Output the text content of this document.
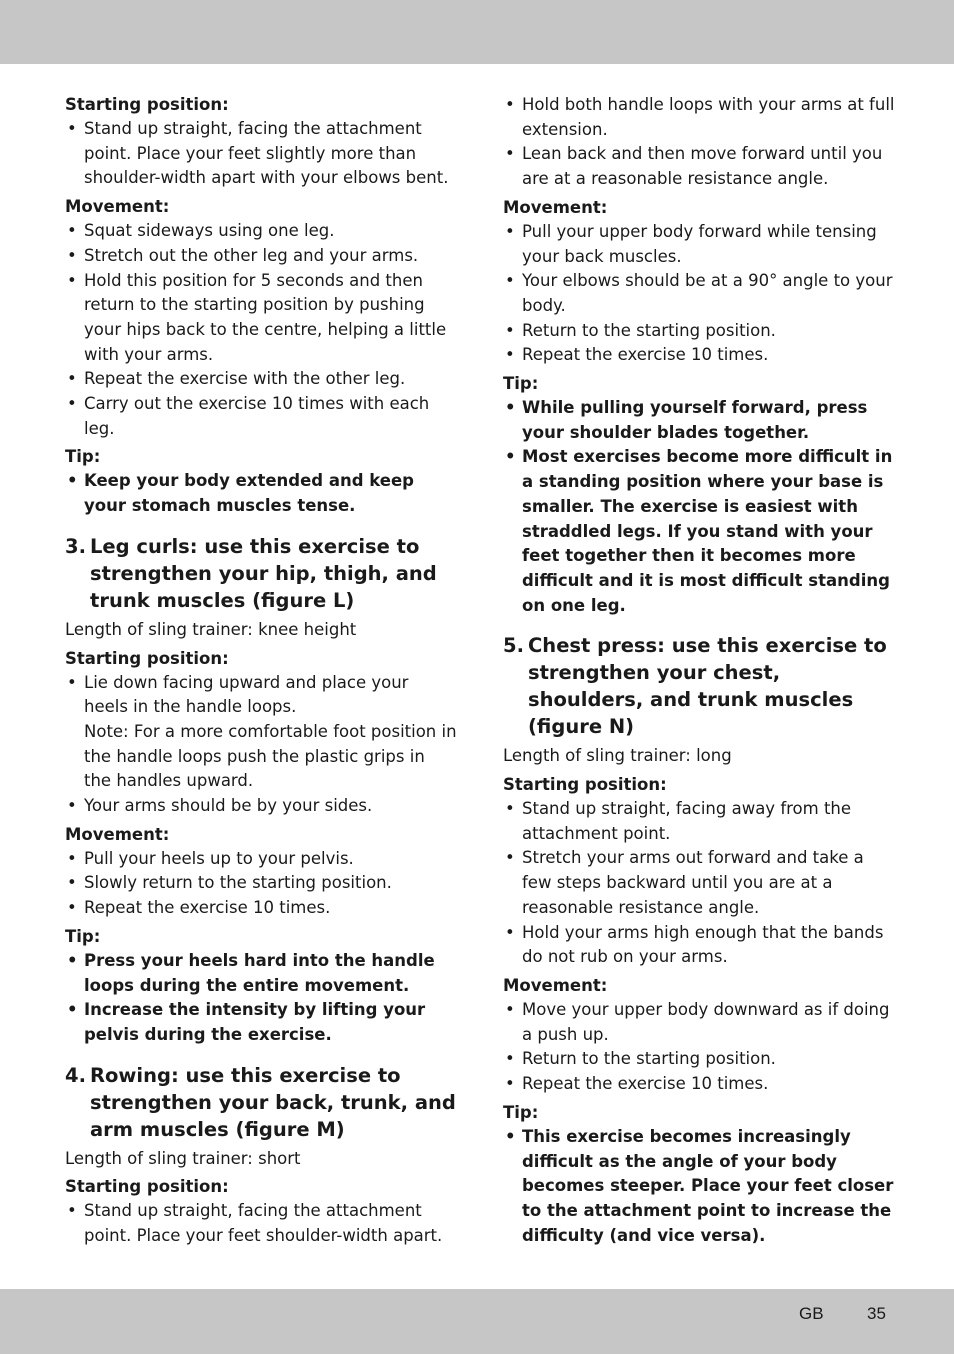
Starting position:
• Stand up straight, facing the attachment point. Place your feet slightly more than shoulder-width apart with your elbows bent.
Movement:
• Squat sideways using one leg.
• Stretch out the other leg and your arms.
• Hold this position for 5 seconds and then return to the starting position by pushing your hips back to the centre, helping a little with your arms.
• Repeat the exercise with the other leg.
• Carry out the exercise 10 times with each leg.
Tip:
• Keep your body extended and keep your stomach muscles tense.
3. Leg curls: use this exercise to strengthen your hip, thigh, and trunk muscles (figure L)
Length of sling trainer: knee height
Starting position:
• Lie down facing upward and place your heels in the handle loops.
Note: For a more comfortable foot position in the handle loops push the plastic grips in the handles upward.
• Your arms should be by your sides.
Movement:
• Pull your heels up to your pelvis.
• Slowly return to the starting position.
• Repeat the exercise 10 times.
Tip:
• Press your heels hard into the handle loops during the entire movement.
• Increase the intensity by lifting your pelvis during the exercise.
4. Rowing: use this exercise to strengthen your back, trunk, and arm muscles (figure M)
Length of sling trainer: short
Starting position:
• Stand up straight, facing the attachment point. Place your feet shoulder-width apart.
• Hold both handle loops with your arms at full extension.
• Lean back and then move forward until you are at a reasonable resistance angle.
Movement:
• Pull your upper body forward while tensing your back muscles.
• Your elbows should be at a 90° angle to your body.
• Return to the starting position.
• Repeat the exercise 10 times.
Tip:
• While pulling yourself forward, press your shoulder blades together.
• Most exercises become more difficult in a standing position where your base is smaller. The exercise is easiest with straddled legs. If you stand with your feet together then it becomes more difficult and it is most difficult standing on one leg.
5. Chest press: use this exercise to strengthen your chest, shoulders, and trunk muscles (figure N)
Length of sling trainer: long
Starting position:
• Stand up straight, facing away from the attachment point.
• Stretch your arms out forward and take a few steps backward until you are at a reasonable resistance angle.
• Hold your arms high enough that the bands do not rub on your arms.
Movement:
• Move your upper body downward as if doing a push up.
• Return to the starting position.
• Repeat the exercise 10 times.
Tip:
• This exercise becomes increasingly difficult as the angle of your body becomes steeper. Place your feet closer to the attachment point to increase the difficulty (and vice versa).
GB	35
